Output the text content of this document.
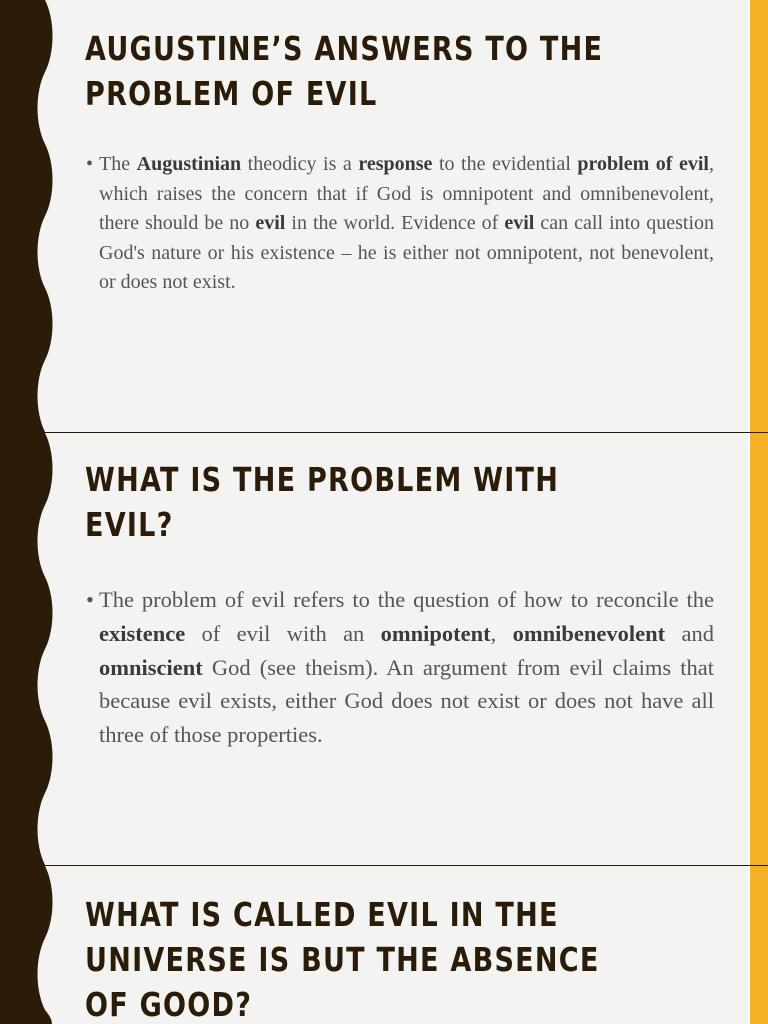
AUGUSTINE’S ANSWERS TO THE PROBLEM OF EVIL
• The Augustinian theodicy is a response to the evidential problem of evil, which raises the concern that if God is omnipotent and omnibenevolent, there should be no evil in the world. Evidence of evil can call into question God's nature or his existence – he is either not omnipotent, not benevolent, or does not exist.
WHAT IS THE PROBLEM WITH EVIL?
• The problem of evil refers to the question of how to reconcile the existence of evil with an omnipotent, omnibenevolent and omniscient God (see theism). An argument from evil claims that because evil exists, either God does not exist or does not have all three of those properties.
WHAT IS CALLED EVIL IN THE UNIVERSE IS BUT THE ABSENCE OF GOOD?
